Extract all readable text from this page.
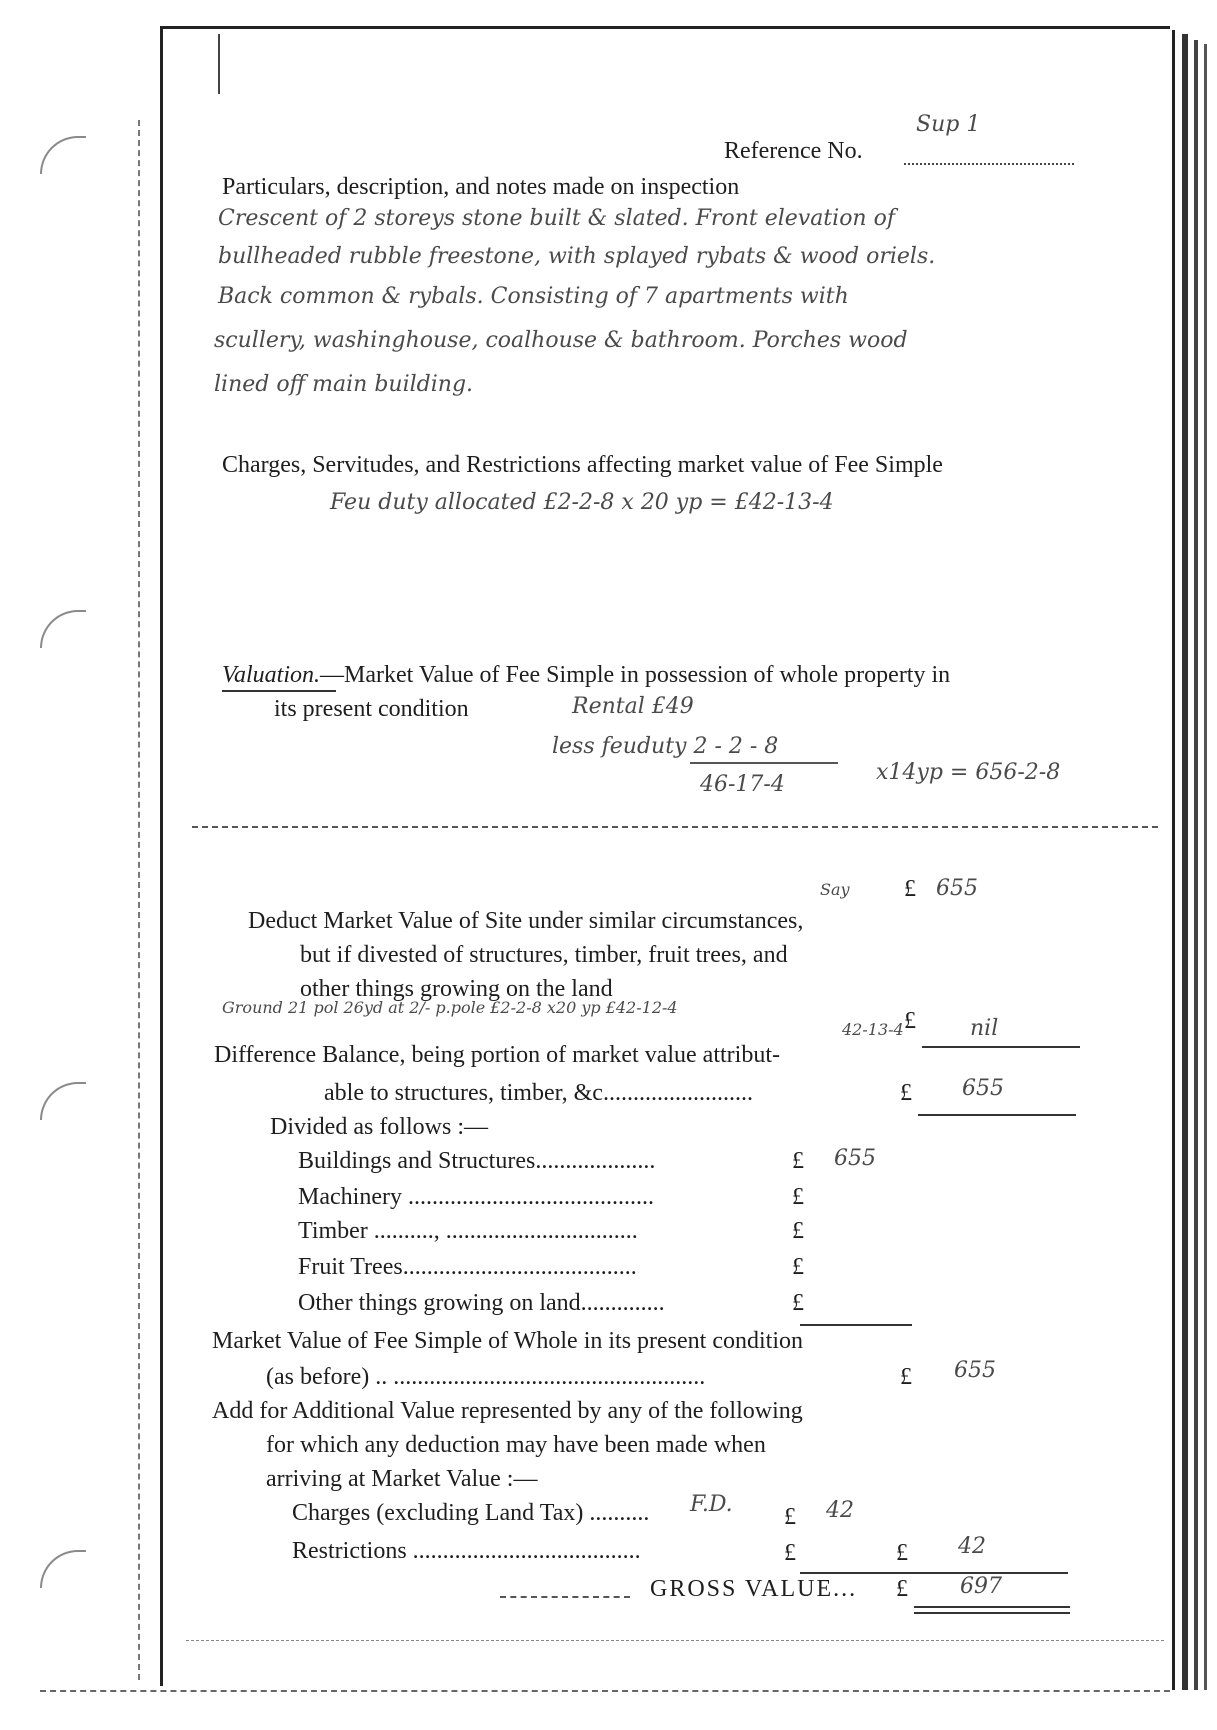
Reference No.
Sup 1
Particulars, description, and notes made on inspection
Crescent of 2 storeys stone built & slated. Front elevation of
bullheaded rubble freestone, with splayed rybats & wood oriels.
Back common & rybals. Consisting of 7 apartments with
scullery, washinghouse, coalhouse & bathroom. Porches wood
lined off main building.
Charges, Servitudes, and Restrictions affecting market value of Fee Simple
Feu duty allocated £2-2-8 x 20 yp = £42-13-4
Valuation.—Market Value of Fee Simple in possession of whole property in
its present condition	Rental £49
less feuduty 2 - 2 - 8
46-17-4	x14yp = 656-2-8
Say £ 655
Deduct Market Value of Site under similar circumstances,
but if divested of structures, timber, fruit trees, and
other things growing on the land
Ground 21 pol 26yd at 2/- p.pole £2-2-8 x20 yp £42-12-4
42-13-4 £ nil
Difference Balance, being portion of market value attribut-
able to structures, timber, &c.........................	£ 655
Divided as follows :—
Buildings and Structures....................	£ 655
Machinery .........................................	£
Timber .........., ................................	£
Fruit Trees.......................................	£
Other things growing on land..............	£
Market Value of Fee Simple of Whole in its present condition
(as before) .. ....................................................	£ 655
Add for Additional Value represented by any of the following
for which any deduction may have been made when
arriving at Market Value :—
Charges (excluding Land Tax) .......... F.D. £ 42
Restrictions ......................................	£	£ 42
GROSS VALUE... £ 697
